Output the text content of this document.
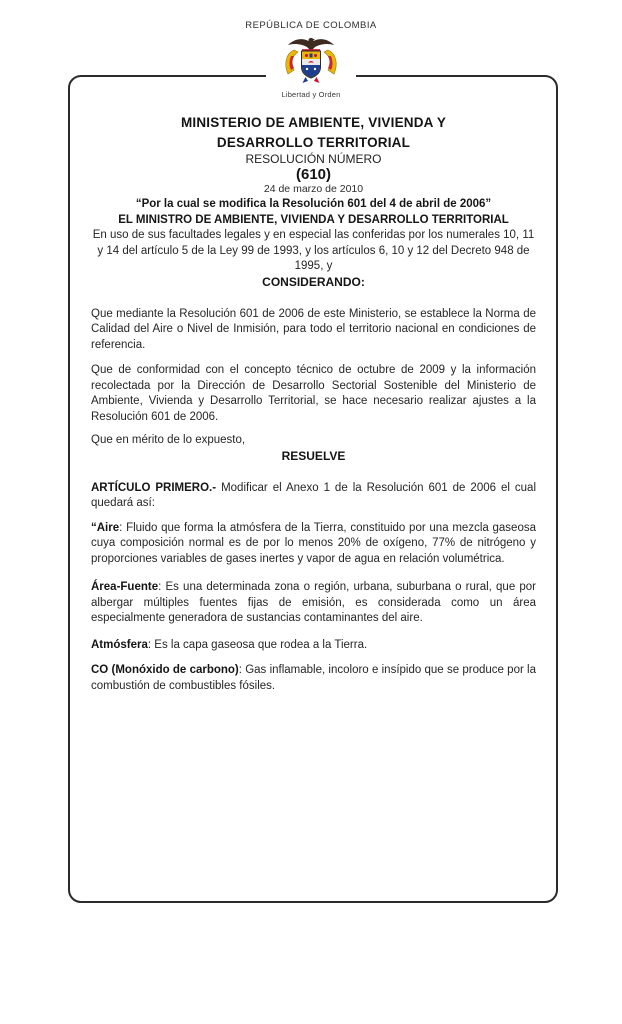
REPÚBLICA DE COLOMBIA
Libertad y Orden
MINISTERIO DE AMBIENTE, VIVIENDA Y
DESARROLLO TERRITORIAL
RESOLUCIÓN NÚMERO
(610)
24 de marzo de 2010
“Por la cual se modifica la Resolución 601 del 4 de abril de 2006”
EL MINISTRO DE AMBIENTE, VIVIENDA Y DESARROLLO TERRITORIAL
En uso de sus facultades legales y en especial las conferidas por los numerales 10, 11 y 14 del artículo 5 de la Ley 99 de 1993, y los artículos 6, 10 y 12 del Decreto 948 de 1995, y
CONSIDERANDO:
Que mediante la Resolución 601 de 2006 de este Ministerio, se establece la Norma de Calidad del Aire o Nivel de Inmisión, para todo el territorio nacional en condiciones de referencia.
Que de conformidad con el concepto técnico de octubre de 2009 y la información recolectada por la Dirección de Desarrollo Sectorial Sostenible del Ministerio de Ambiente, Vivienda y Desarrollo Territorial, se hace necesario realizar ajustes a la Resolución 601 de 2006.
Que en mérito de lo expuesto,
RESUELVE
ARTÍCULO PRIMERO.- Modificar el Anexo 1 de la Resolución 601 de 2006 el cual quedará así:
“Aire: Fluido que forma la atmósfera de la Tierra, constituido por una mezcla gaseosa cuya composición normal es de por lo menos 20% de oxígeno, 77% de nitrógeno y proporciones variables de gases inertes y vapor de agua en relación volumétrica.
Área-Fuente: Es una determinada zona o región, urbana, suburbana o rural, que por albergar múltiples fuentes fijas de emisión, es considerada como un área especialmente generadora de sustancias contaminantes del aire.
Atmósfera: Es la capa gaseosa que rodea a la Tierra.
CO (Monóxido de carbono): Gas inflamable, incoloro e insípido que se produce por la combustión de combustibles fósiles.
